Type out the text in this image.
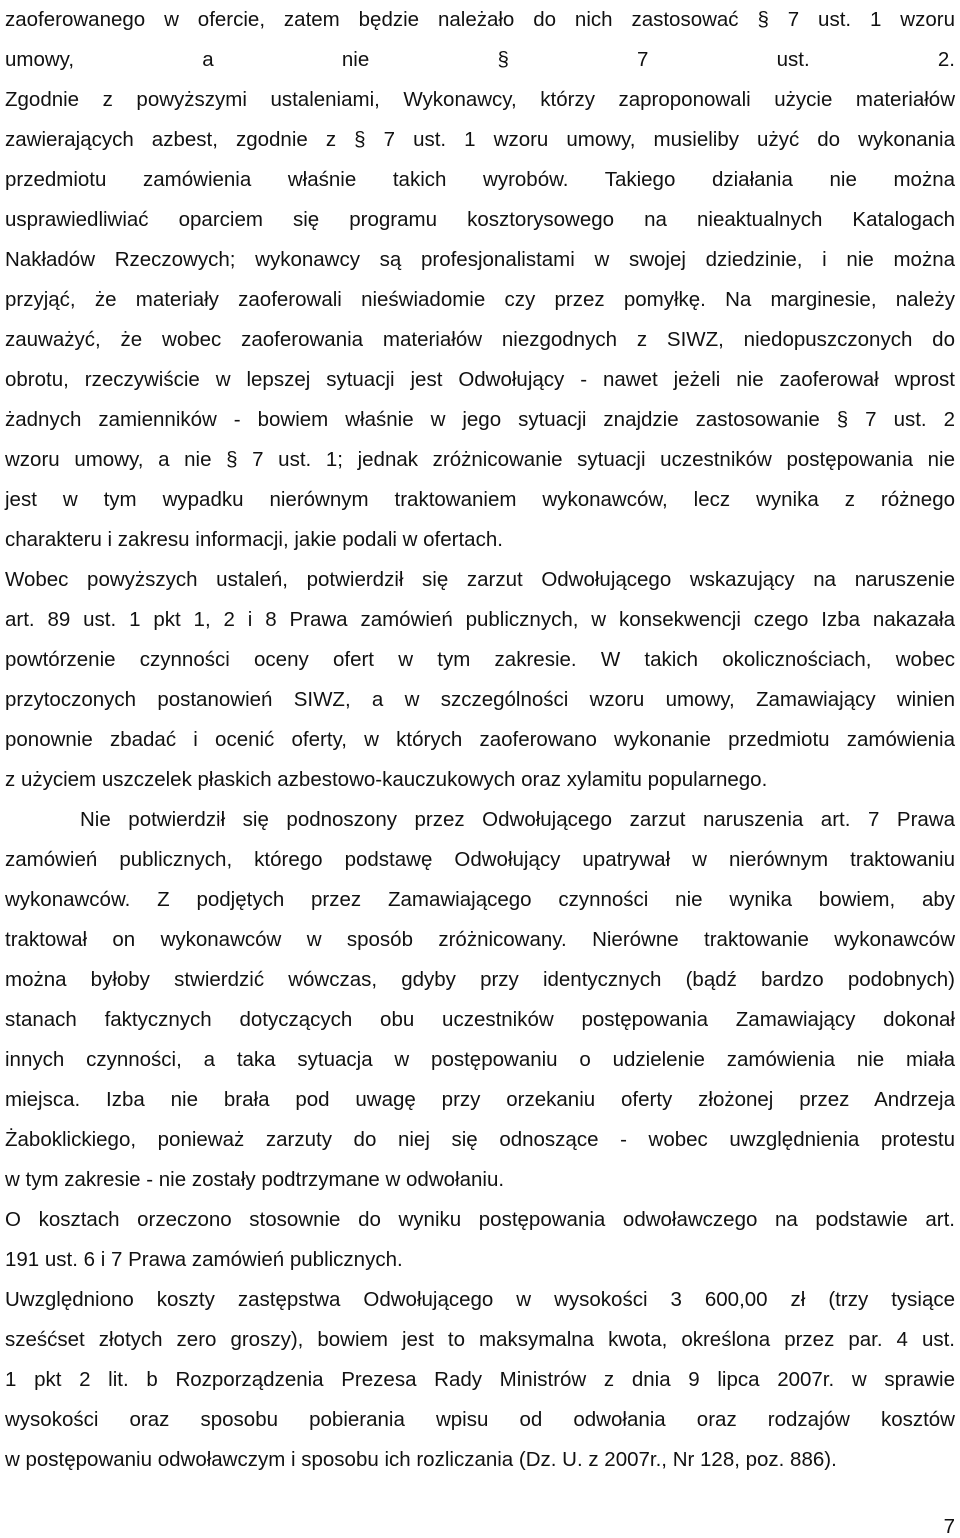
zaoferowanego w ofercie, zatem będzie należało do nich zastosować § 7 ust. 1 wzoru
umowy, a nie § 7 ust. 2.
Zgodnie z powyższymi ustaleniami, Wykonawcy, którzy zaproponowali użycie materiałów
zawierających azbest, zgodnie z § 7 ust. 1 wzoru umowy, musieliby użyć do wykonania
przedmiotu zamówienia właśnie takich wyrobów. Takiego działania nie można
usprawiedliwiać oparciem się programu kosztorysowego na nieaktualnych Katalogach
Nakładów Rzeczowych; wykonawcy są profesjonalistami w swojej dziedzinie, i nie można
przyjąć, że materiały zaoferowali nieświadomie czy przez pomyłkę. Na marginesie, należy
zauważyć, że wobec zaoferowania materiałów niezgodnych z SIWZ, niedopuszczonych do
obrotu, rzeczywiście w lepszej sytuacji jest Odwołujący - nawet jeżeli nie zaoferował wprost
żadnych zamienników - bowiem właśnie w jego sytuacji znajdzie zastosowanie § 7 ust. 2
wzoru umowy, a nie § 7 ust. 1; jednak zróżnicowanie sytuacji uczestników postępowania nie
jest w tym wypadku nierównym traktowaniem wykonawców, lecz wynika z różnego
charakteru i zakresu informacji, jakie podali w ofertach.
Wobec powyższych ustaleń, potwierdził się zarzut Odwołującego wskazujący na naruszenie
art. 89 ust. 1 pkt 1, 2 i 8 Prawa zamówień publicznych, w konsekwencji czego Izba nakazała
powtórzenie czynności oceny ofert w tym zakresie. W takich okolicznościach, wobec
przytoczonych postanowień SIWZ, a w szczególności wzoru umowy, Zamawiający winien
ponownie zbadać i ocenić oferty, w których zaoferowano wykonanie przedmiotu zamówienia
z użyciem uszczelek płaskich azbestowo-kauczukowych oraz xylamitu popularnego.
Nie potwierdził się podnoszony przez Odwołującego zarzut naruszenia art. 7 Prawa
zamówień publicznych, którego podstawę Odwołujący upatrywał w nierównym traktowaniu
wykonawców. Z podjętych przez Zamawiającego czynności nie wynika bowiem, aby
traktował on wykonawców w sposób zróżnicowany. Nierówne traktowanie wykonawców
można byłoby stwierdzić wówczas, gdyby przy identycznych (bądź bardzo podobnych)
stanach faktycznych dotyczących obu uczestników postępowania Zamawiający dokonał
innych czynności, a taka sytuacja w postępowaniu o udzielenie zamówienia nie miała
miejsca. Izba nie brała pod uwagę przy orzekaniu oferty złożonej przez Andrzeja
Żaboklickiego, ponieważ zarzuty do niej się odnoszące - wobec uwzględnienia protestu
w tym zakresie - nie zostały podtrzymane w odwołaniu.
O kosztach orzeczono stosownie do wyniku postępowania odwoławczego na podstawie art.
191 ust. 6 i 7 Prawa zamówień publicznych.
Uwzględniono koszty zastępstwa Odwołującego w wysokości 3 600,00 zł (trzy tysiące
sześćset złotych zero groszy), bowiem jest to maksymalna kwota, określona przez par. 4 ust.
1 pkt 2 lit. b Rozporządzenia Prezesa Rady Ministrów z dnia 9 lipca 2007r. w sprawie
wysokości oraz sposobu pobierania wpisu od odwołania oraz rodzajów kosztów
w postępowaniu odwoławczym i sposobu ich rozliczania (Dz. U. z 2007r., Nr 128, poz. 886).
7
